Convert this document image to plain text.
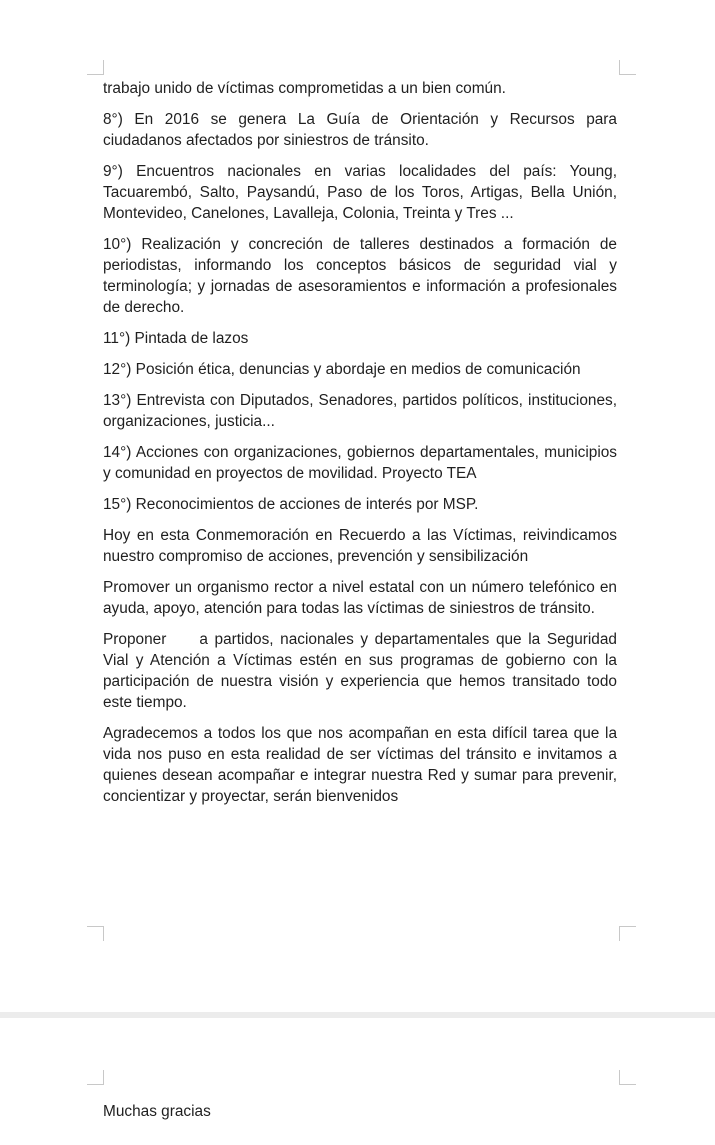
trabajo unido de víctimas comprometidas a un bien común.

8°) En 2016 se genera La Guía de Orientación y Recursos para ciudadanos afectados por siniestros de tránsito.

9°) Encuentros nacionales en varias localidades del país: Young, Tacuarembó, Salto, Paysandú, Paso de los Toros, Artigas, Bella Unión, Montevideo, Canelones, Lavalleja, Colonia, Treinta y Tres ...

10°) Realización y concreción de talleres destinados a formación de periodistas, informando los conceptos básicos de seguridad vial y terminología; y jornadas de asesoramientos e información a profesionales de derecho.

11°) Pintada de lazos

12°) Posición ética, denuncias y abordaje en medios de comunicación

13°) Entrevista con Diputados, Senadores, partidos políticos, instituciones, organizaciones, justicia...

14°) Acciones con organizaciones, gobiernos departamentales, municipios y comunidad en proyectos de movilidad. Proyecto TEA

15°) Reconocimientos de acciones de interés por MSP.

Hoy en esta Conmemoración en Recuerdo a las Víctimas, reivindicamos nuestro compromiso de acciones, prevención y sensibilización

Promover un organismo rector a nivel estatal con un número telefónico en ayuda, apoyo, atención para todas las víctimas de siniestros de tránsito.

Proponer     a partidos, nacionales y departamentales que la Seguridad Vial y Atención a Víctimas estén en sus programas de gobierno con la participación de nuestra visión y experiencia que hemos transitado todo este tiempo.

Agradecemos a todos los que nos acompañan en esta difícil tarea que la vida nos puso en esta realidad de ser víctimas del tránsito e invitamos a quienes desean acompañar e integrar nuestra Red y sumar para prevenir, concientizar y proyectar, serán bienvenidos

Muchas gracias
